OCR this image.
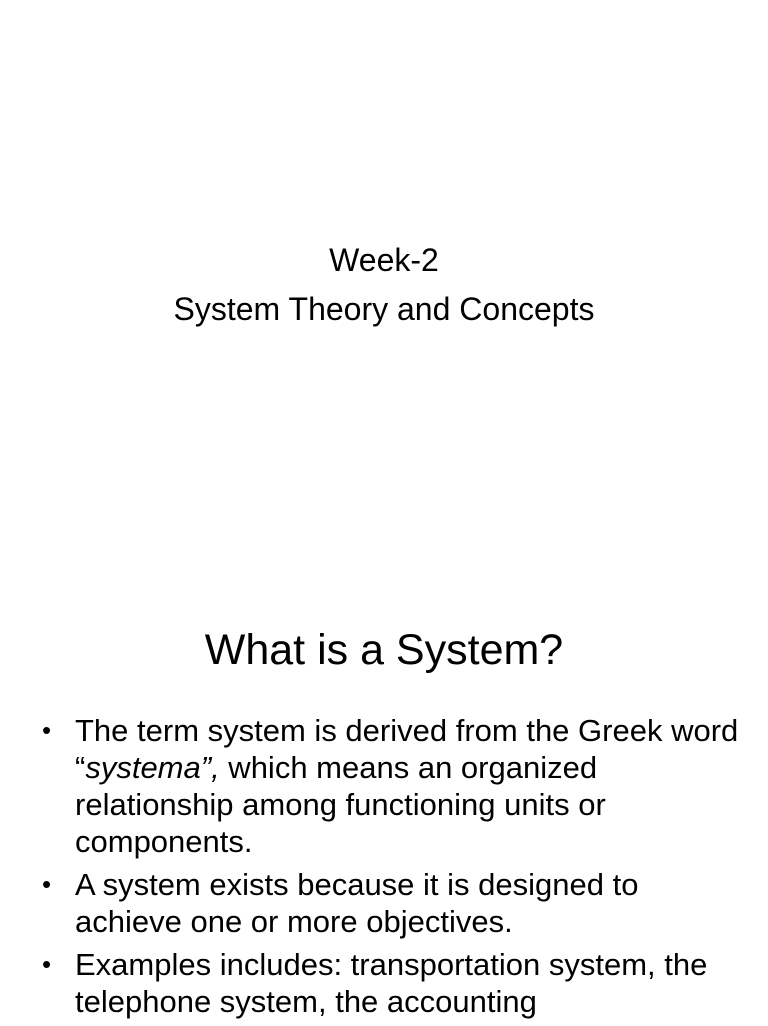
Week-2
System Theory and Concepts
What is a System?
• The term system is derived from the Greek word “systema”, which means an organized relationship among functioning units or components.
• A system exists because it is designed to achieve one or more objectives.
• Examples includes: transportation system, the telephone system, the accounting
